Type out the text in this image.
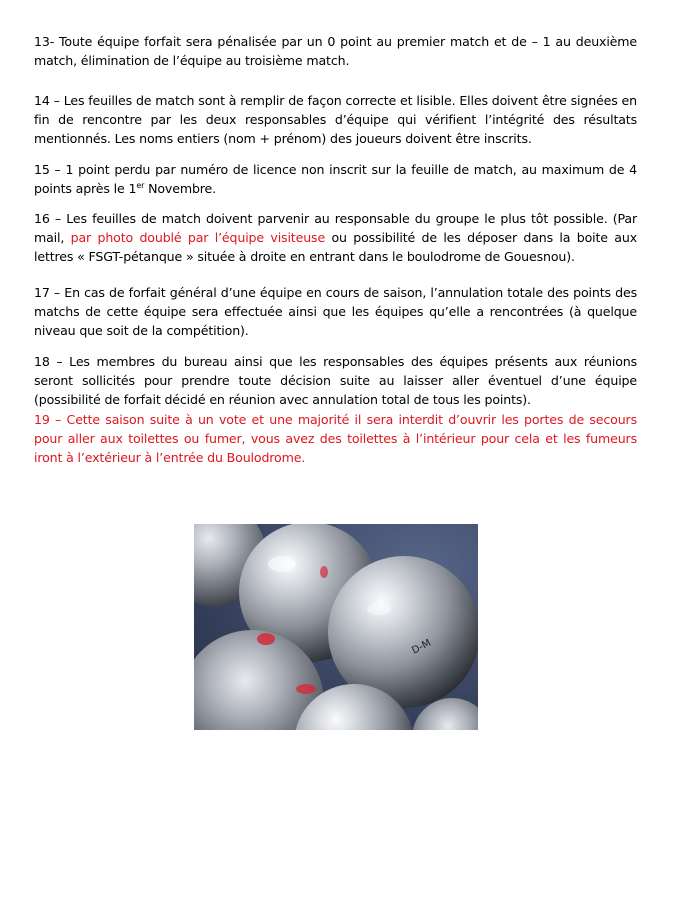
13- Toute équipe forfait sera pénalisée par un 0 point au premier match et de – 1 au deuxième match, élimination de l’équipe au troisième match.

14 – Les feuilles de match sont à remplir de façon correcte et lisible. Elles doivent être signées en fin de rencontre par les deux responsables d’équipe qui vérifient l’intégrité des résultats mentionnés. Les noms entiers (nom + prénom) des joueurs doivent être inscrits.

15 – 1 point perdu par numéro de licence non inscrit sur la feuille de match, au maximum de 4 points après le 1er Novembre.

16 – Les feuilles de match doivent parvenir au responsable du groupe le plus tôt possible. (Par mail, par photo doublé par l’équipe visiteuse ou possibilité de les déposer dans la boite aux lettres « FSGT-pétanque » située à droite en entrant dans le boulodrome de Gouesnou).

17 – En cas de forfait général d’une équipe en cours de saison, l’annulation totale des points des matchs de cette équipe sera effectuée ainsi que les équipes qu’elle a rencontrées (à quelque niveau que soit de la compétition).

18 – Les membres du bureau ainsi que les responsables des équipes présents aux réunions seront sollicités pour prendre toute décision suite au laisser aller éventuel d’une équipe (possibilité de forfait décidé en réunion avec annulation total de tous les points).

19 – Cette saison suite à un vote et une majorité il sera interdit d’ouvrir les portes de secours pour aller aux toilettes ou fumer, vous avez des toilettes à l’intérieur pour cela et les fumeurs iront à l’extérieur à l’entrée du Boulodrome.

D-M
